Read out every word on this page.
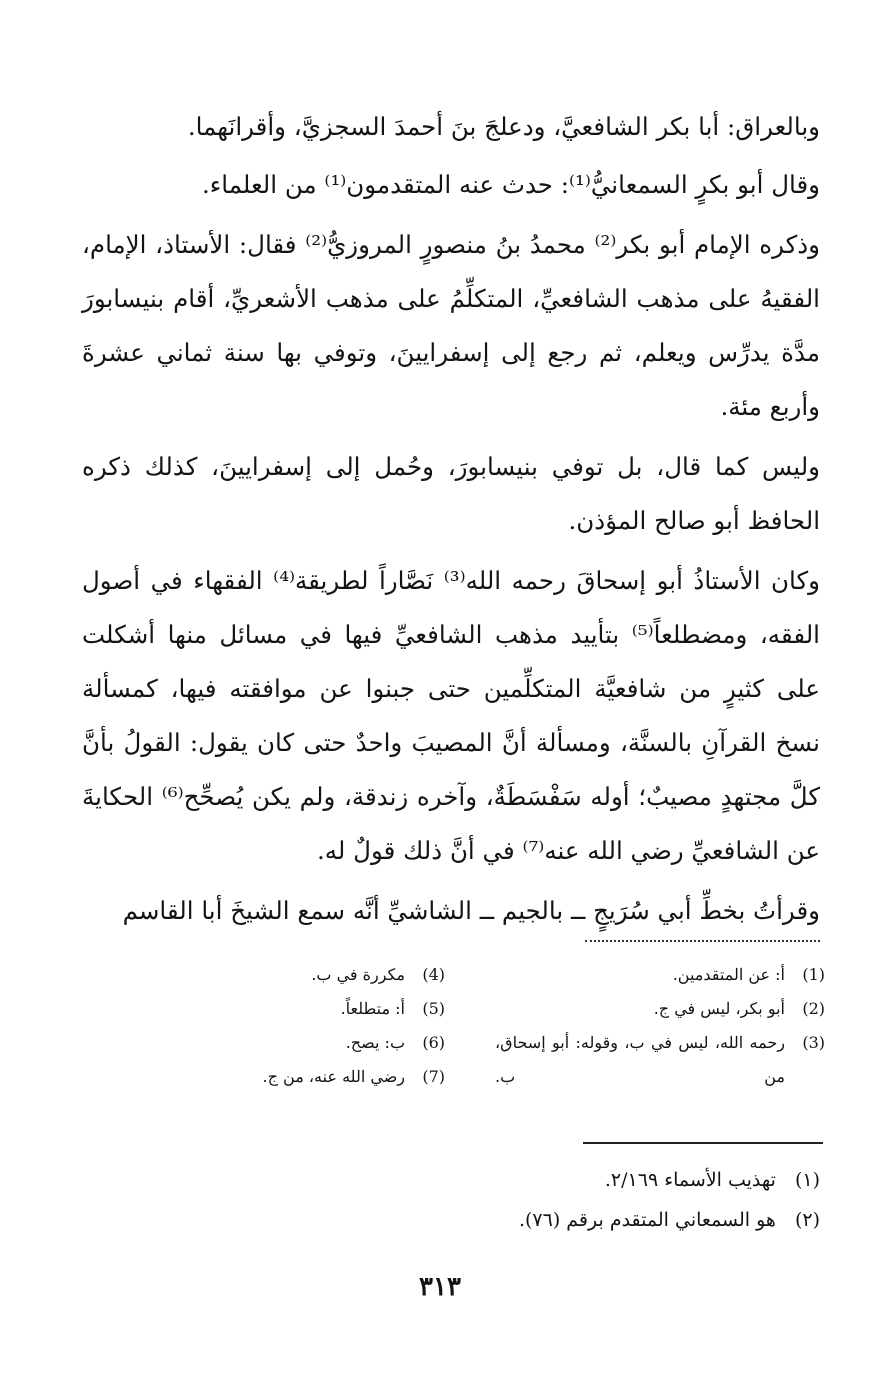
وبالعراق: أبا بكر الشافعيَّ، ودعلجَ بنَ أحمدَ السجزيَّ، وأقرانَهما.

وقال أبو بكرٍ السمعانيُّ⁽¹⁾: حدث عنه المتقدمون⁽¹⁾ من العلماء.

وذكره الإمام أبو بكر⁽²⁾ محمدُ بنُ منصورٍ المروزيُّ⁽²⁾ فقال: الأستاذ، الإمام، الفقيهُ على مذهب الشافعيِّ، المتكلِّمُ على مذهب الأشعريِّ، أقام بنيسابورَ مدَّة يدرِّس ويعلم، ثم رجع إلى إسفرايينَ، وتوفي بها سنة ثماني عشرةَ وأربع مئة.

وليس كما قال، بل توفي بنيسابورَ، وحُمل إلى إسفرايينَ، كذلك ذكره الحافظ أبو صالح المؤذن.

وكان الأستاذُ أبو إسحاقَ رحمه الله⁽³⁾ نَصَّاراً لطريقة⁽⁴⁾ الفقهاء في أصول الفقه، ومضطلعاً⁽⁵⁾ بتأييد مذهب الشافعيِّ فيها في مسائل منها أشكلت على كثيرٍ من شافعيَّة المتكلِّمين حتى جبنوا عن موافقته فيها، كمسألة نسخ القرآنِ بالسنَّة، ومسألة أنَّ المصيبَ واحدٌ حتى كان يقول: القولُ بأنَّ كلَّ مجتهدٍ مصيبٌ؛ أوله سَفْسَطَةٌ، وآخره زندقة، ولم يكن يُصحِّح⁽⁶⁾ الحكايةَ عن الشافعيِّ رضي الله عنه⁽⁷⁾ في أنَّ ذلك قولٌ له.

وقرأتُ بخطِّ أبي سُرَيجٍ ــ بالجيم ــ الشاشيِّ أنَّه سمع الشيخَ أبا القاسم

(1)
أ: عن المتقدمين.
(2)
أبو بكر، ليس في ج.
(3)
رحمه الله، ليس في ب، وقوله: أبو إسحاق، من ب.
(4)
مكررة في ب.
(5)
أ: متطلعاً.
(6)
ب: يصح.
(7)
رضي الله عنه، من ج.
(١) تهذيب الأسماء ٢/١٦٩.
(٢) هو السمعاني المتقدم برقم (٧٦).
٣١٣
